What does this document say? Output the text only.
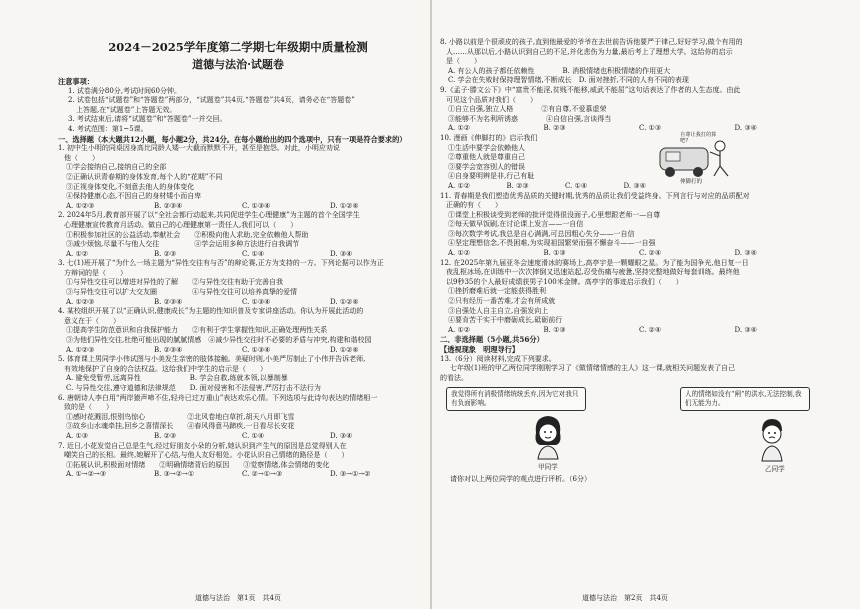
2024－2025学年度第二学期七年级期中质量检测
道德与法治·试题卷
注意事项：

1. 试卷满分80分,考试时间60分钟。

2. 试卷包括“试题卷”和“答题卷”两部分，“试题卷”共4页,“答题卷”共4页，请务必在“答题卷”

上答题,在“试题卷”上答题无效。

3. 考试结束后,请将“试题卷”和“答题卷”一并交回。

4. 考试范围：第1~5课。

一、选择题（本大题共12小题，每小题2分，共24分。在每小题给出的四个选项中，只有一项是符合要求的）

1. 初中生小明的同桌因身高比同龄人矮一大截而默默不开，甚至是抱怨。对此，小明应劝说

他（　　）

①学会接纳自己,接纳自己的全部

②正确认识青春期的身体发育,每个人的“花期”不同

③正视身体变化,不刻意去他人的身体变化

④保持健康心态,不因自己的身材矮小而自卑

A. ①②③	B. ②③④	C. ①③④	D. ①②④

2. 2024年5月,教育部开展了以“全社会都行动起来,共同促进学生心理健康”为主题的首个全国学生

心理健康宣传教育月活动。做自己的心理健康第一责任人,我们可以（　　）

①积极参加社区的公益活动,奉献社会　　②积极向他人求助,完全依赖他人帮助

③减少烦恼,尽量不与他人交往　　　　　④学会运用多种方法进行自我调节

A. ①②	B. ②③	C. ①④	D. ③④

3. 七(1)班开展了“为什么一场主题为“异性交往有与否”的辩论赛,正方为支持的一方。下列论据可以作为正

方辩词的是（　　）

①与异性交往可以增进对异性的了解　　②与异性交往有助于完善自我

③与异性交往可以扩大交友圈　　　　　④与异性交往可以培养真挚的爱情

A. ①②③	B. ②③④	C. ①③④	D. ①②④

4. 某校组织开展了以“正确认识,健康成长”为主题的性知识普及专家讲座活动。你认为开展此活动的

意义在于（　　）

①提高学生防范意识和自我保护能力　　②有利于学生掌握性知识,正确处理两性关系

③为他们异性交往,杜绝可能出现的腻腻情感　④减少异性交往时不必要的矛盾与冲突,构建和谐校园

A. ①②③	B. ②③④	C. ①③④	D. ①②④

5. 体育课上男同学小伟试图与小美发生亲密的肢体接触。美疑时则,小美严厉制止了小伟并告诉老师,

有效地保护了自身的合法权益。这给我们中学生的启示是（　　）

A. 避免受暂劳,远离异性　　　　　　　B. 学会自救,练就本领,以暴制暴

C. 与异性交往,遵守道德和法律规范　　D. 面对侵害和不法侵害,严厉打击不法行为

6. 唐朝诗人李白用“两岸猿声啼不住,轻舟已过万重山”表达欢乐心情。下列选项与此诗句表达的情绪相一

致的是（　　）

①感时花溅泪,恨别鸟惊心　　　　　　②北风卷地白草折,胡天八月即飞雪

③故乡山水魂牵挂,回乡之喜情深长　　④春风得意马蹄疾,一日看尽长安花

A. ①③	B. ②③	C. ①④	D. ③④

7. 近日,小花发觉自己总是生气,经过好朋友小朵的分析,她认识到产生气的原因是总觉得别人在

嘲笑自己的长相。最终,她解开了心结,与他人友好相处。小花认识自己情绪的路径是（　　）

①拓展认识,积极面对情绪　　②明确情绪背后的原因　　③觉察情绪,体会情绪的变化

A. ①→②→③	B. ③→②→①	C. ②→①→③	D. ③→①→②
道德与法治　第1页　共4页

8. 小路以前是个很顽皮的孩子,直到他最爱的爷爷在去世前告诉他要严于律己,好好学习,做个有用的

人……从那以后,小路认识到自己的不足,并化悲伤为力量,最后考上了理想大学。这给你的启示

是（　　）

A. 有公人的孩子都任依赖性　　　　B. 消极情绪也积极情绪的作用更大

C. 学会在失败时保持理智情绪,不断成长　D. 面对挫折,不同的人有不同的表现

9.《孟子·滕文公下》中“富贵不能淫,贫贱不能移,威武不能屈”这句话表达了作者的人生态度。由此

可见这个品质对我们（　　）

①自立自强,独立人格　　　　②有自尊,不爱慕虚荣

③能够不为名利所诱惑　　　　④自信自强,言谈得当

A. ①②	B. ②③	C. ①③	D. ③④

10. 漫画《伸脚打的》启示我们

①生活中要学会依赖他人

②尊重他人就是尊重自己

③要学会宽容别人的错误

④自身要明辨是非,行己有耻

A. ①②	B. ②③	C. ①④	D. ③④
自尊让我打的算吧?
伸脚打的

11. 青春期是我们塑造优秀品质的关键时期,优秀的品质让我们受益终身。下列言行与对应的品质配对

正确的有（　　）

①课堂上积极谈受到老师的批评觉得很没面子,心里想跟老师一—自尊

②每天做早饭刷,在讨论课上发言——一自信

③每次数学考试,我总是自心满满,可总因粗心失分——一自信

④坚定理想信念,不畏困难,为实现祖国繁荣而强不懈奋斗——一自强

A. ①②	B. ①③	C. ②④	D. ③④

12. 在2025年第九届亚冬会速度滑冰的赛场上,高亭宇是一颗耀眼之星。为了能为国争光,他日复一日

夜乱枢冰场,在训练中一次次摔倒又迅速站起,忍受伤痛与疲惫,坚持完整地做好每套训练。最终他

以9秒35的个人最好成绩获男子100米金牌。高亭宇的事迹启示我们（　　）

①挫折磨难后就一定能获得胜利

②只有经历一番苦难,才会有所成就

③自强处人自主自立,自强发向上

④要肯苦干实干中磨砺成长,砥砺前行

A. ①②	B. ①③	C. ②④	D. ③④

二、非选择题（5小题,共56分）

【透视现象　明理导行】

13.（6分）阅读材料,完成下列要求。

七年级(1)班的甲乙两位同学刚刚学习了《做情绪情感的主人》这一课,就相关问题发表了自己

的看法。

我觉得所有消极情绪统统丢弃,因为它对我只有负面影响。
人的情绪如没有“闸”的洪水,无法控制,我们无能为力。
甲同学	乙同学

请你对以上两位同学的观点进行评析。（6分）

道德与法治　第2页　共4页
